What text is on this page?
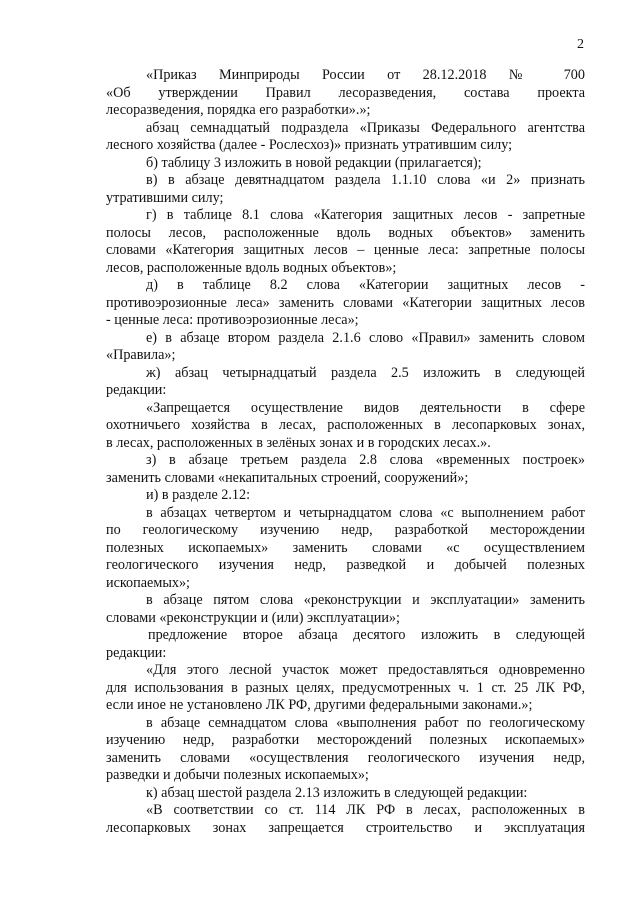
2
«Приказ Минприроды России от 28.12.2018 № 700
«Об утверждении Правил лесоразведения, состава проекта
лесоразведения, порядка его разработки».»;
абзац семнадцатый подраздела «Приказы Федерального агентства
лесного хозяйства (далее - Рослесхоз)» признать утратившим силу;
б) таблицу 3 изложить в новой редакции (прилагается);
в) в абзаце девятнадцатом раздела 1.1.10 слова «и 2» признать
утратившими силу;
г) в таблице 8.1 слова «Категория защитных лесов - запретные
полосы лесов, расположенные вдоль водных объектов» заменить
словами «Категория защитных лесов – ценные леса: запретные полосы
лесов, расположенные вдоль водных объектов»;
д) в таблице 8.2 слова «Категории защитных лесов -
противоэрозионные леса» заменить словами «Категории защитных лесов
- ценные леса: противоэрозионные леса»;
е) в абзаце втором раздела 2.1.6 слово «Правил» заменить словом
«Правила»;
ж) абзац четырнадцатый раздела 2.5 изложить в следующей
редакции:
«Запрещается осуществление видов деятельности в сфере
охотничьего хозяйства в лесах, расположенных в лесопарковых зонах,
в лесах, расположенных в зелёных зонах и в городских лесах.».
з) в абзаце третьем раздела 2.8 слова «временных построек»
заменить словами «некапитальных строений, сооружений»;
и) в разделе 2.12:
в абзацах четвертом и четырнадцатом слова «с выполнением работ
по геологическому изучению недр, разработкой месторождении
полезных ископаемых» заменить словами «с осуществлением
геологического изучения недр, разведкой и добычей полезных
ископаемых»;
в абзаце пятом слова «реконструкции и эксплуатации» заменить
словами «реконструкции и (или) эксплуатации»;
предложение второе абзаца десятого изложить в следующей
редакции:
«Для этого лесной участок может предоставляться одновременно
для использования в разных целях, предусмотренных ч. 1 ст. 25 ЛК РФ,
если иное не установлено ЛК РФ, другими федеральными законами.»;
в абзаце семнадцатом слова «выполнения работ по геологическому
изучению недр, разработки месторождений полезных ископаемых»
заменить словами «осуществления геологического изучения недр,
разведки и добычи полезных ископаемых»;
к) абзац шестой раздела 2.13 изложить в следующей редакции:
«В соответствии со ст. 114 ЛК РФ в лесах, расположенных в
лесопарковых зонах запрещается строительство и эксплуатация
